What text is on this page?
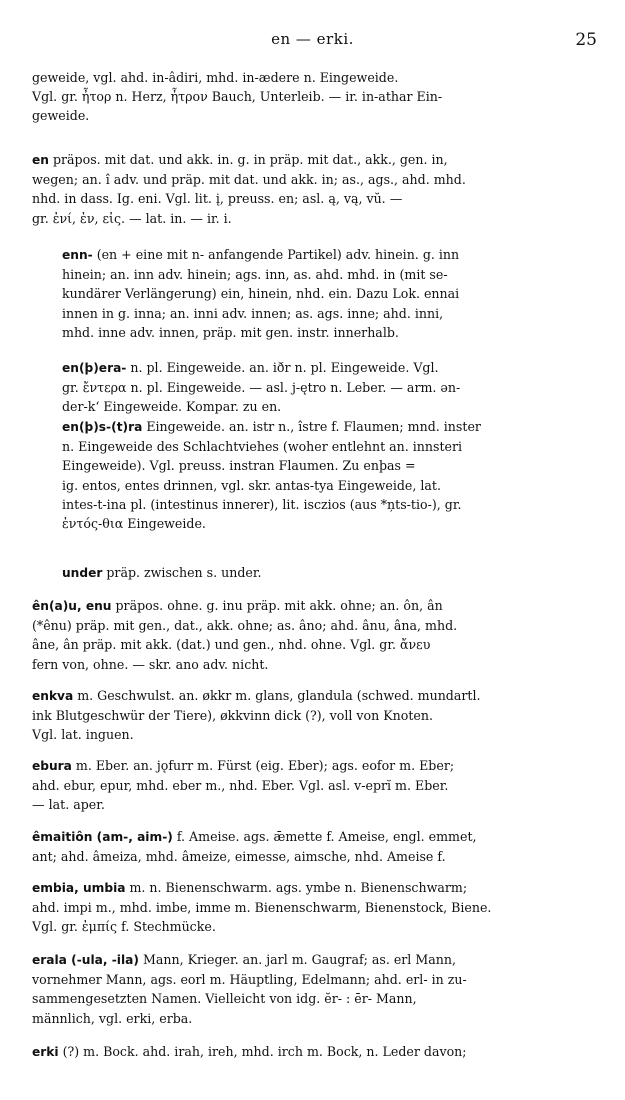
en — erki.	25

geweide, vgl. ahd. in-âdiri, mhd. in-ædere n. Eingeweide.
Vgl. gr. ἦτορ n. Herz, ἦτρον Bauch, Unterleib. — ir. in-athar Ein-
geweide.

en präpos. mit dat. und akk. in. g. in präp. mit dat., akk., gen. in,
wegen; an. î adv. und präp. mit dat. und akk. in; as., ags., ahd. mhd.
nhd. in dass. Ig. eni. Vgl. lit. į, preuss. en; asl. ą, vą, vŭ. —
gr. ἐνί, ἐν, εἰς. — lat. in. — ir. i.

enn- (en + eine mit n- anfangende Partikel) adv. hinein. g. inn
hinein; an. inn adv. hinein; ags. inn, as. ahd. mhd. in (mit se-
kundärer Verlängerung) ein, hinein, nhd. ein. Dazu Lok. ennai
innen in g. inna; an. inni adv. innen; as. ags. inne; ahd. inni,
mhd. inne adv. innen, präp. mit gen. instr. innerhalb.

en(þ)era- n. pl. Eingeweide. an. iðr n. pl. Eingeweide. Vgl.
gr. ἔντερα n. pl. Eingeweide. — asl. j-ętro n. Leber. — arm. ən-
der-kʻ Eingeweide. Kompar. zu en.

en(þ)s-(t)ra Eingeweide. an. istr n., îstre f. Flaumen; mnd. inster
n. Eingeweide des Schlachtviehes (woher entlehnt an. innsteri
Eingeweide). Vgl. preuss. instran Flaumen. Zu enþas =
ig. entos, entes drinnen, vgl. skr. antas-tya Eingeweide, lat.
intes-t-ina pl. (intestinus innerer), lit. isczios (aus *ņts-tio-), gr.
ἐντός-θια Eingeweide.

under präp. zwischen s. under.

ên(a)u, enu präpos. ohne. g. inu präp. mit akk. ohne; an. ôn, ân
(*ênu) präp. mit gen., dat., akk. ohne; as. âno; ahd. ânu, âna, mhd.
âne, ân präp. mit akk. (dat.) und gen., nhd. ohne. Vgl. gr. ἄνευ
fern von, ohne. — skr. ano adv. nicht.

enkva m. Geschwulst. an. økkr m. glans, glandula (schwed. mundartl.
ink Blutgeschwür der Tiere), økkvinn dick (?), voll von Knoten.
Vgl. lat. inguen.

ebura m. Eber. an. jǫfurr m. Fürst (eig. Eber); ags. eofor m. Eber;
ahd. ebur, epur, mhd. eber m., nhd. Eber. Vgl. asl. v-eprĭ m. Eber.
— lat. aper.

êmaitiôn (am-, aim-) f. Ameise. ags. ǣmette f. Ameise, engl. emmet,
ant; ahd. âmeiza, mhd. âmeize, eimesse, aimsche, nhd. Ameise f.

embia, umbia m. n. Bienenschwarm. ags. ymbe n. Bienenschwarm;
ahd. impi m., mhd. imbe, imme m. Bienenschwarm, Bienenstock, Biene.
Vgl. gr. ἐμπίς f. Stechmücke.

erala (-ula, -ila) Mann, Krieger. an. jarl m. Gaugraf; as. erl Mann,
vornehmer Mann, ags. eorl m. Häuptling, Edelmann; ahd. erl- in zu-
sammengesetzten Namen. Vielleicht von idg. ĕr- : ēr- Mann,
männlich, vgl. erki, erba.

erki (?) m. Bock. ahd. irah, ireh, mhd. irch m. Bock, n. Leder davon;
